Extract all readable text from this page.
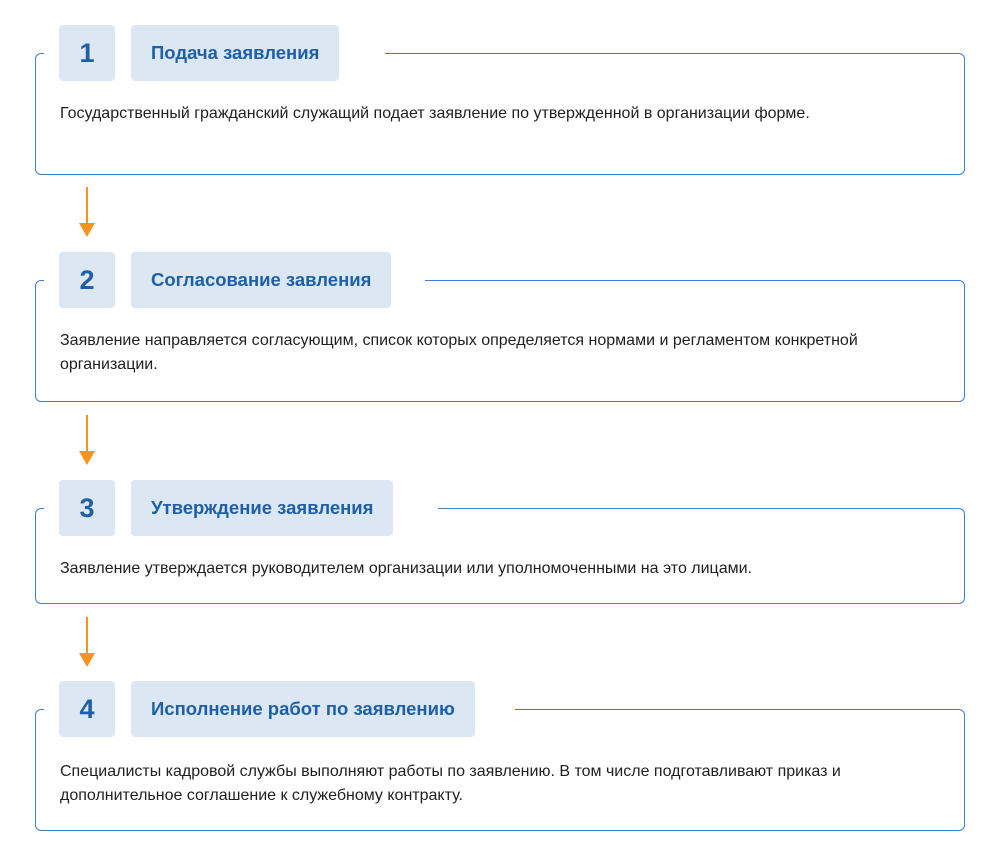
1	Подача заявления
Государственный гражданский служащий подает заявление по утвержденной в организации форме.
2	Согласование завления
Заявление направляется согласующим, список которых определяется нормами и регламентом конкретной организации.
3	Утверждение заявления
Заявление утверждается руководителем организации или уполномоченными на это лицами.
4	Исполнение работ по заявлению
Специалисты кадровой службы выполняют работы по заявлению. В том числе подготавливают приказ и дополнительное соглашение к служебному контракту.
